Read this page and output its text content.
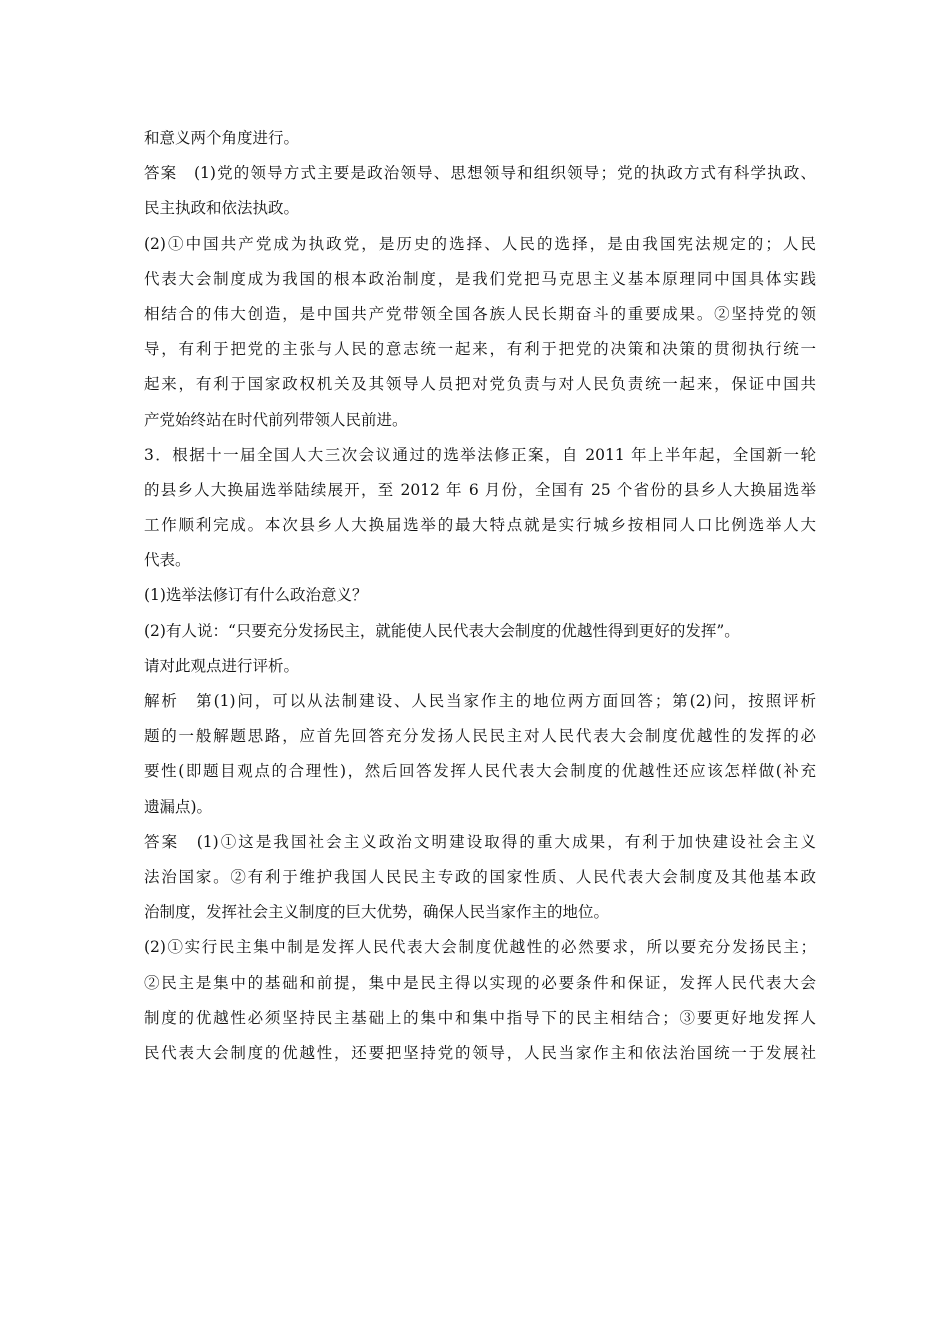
和意义两个角度进行。
答案　(1)党的领导方式主要是政治领导、思想领导和组织领导；党的执政方式有科学执政、
民主执政和依法执政。
(2)①中国共产党成为执政党，是历史的选择、人民的选择，是由我国宪法规定的；人民
代表大会制度成为我国的根本政治制度，是我们党把马克思主义基本原理同中国具体实践
相结合的伟大创造，是中国共产党带领全国各族人民长期奋斗的重要成果。②坚持党的领
导，有利于把党的主张与人民的意志统一起来，有利于把党的决策和决策的贯彻执行统一
起来，有利于国家政权机关及其领导人员把对党负责与对人民负责统一起来，保证中国共
产党始终站在时代前列带领人民前进。
3．根据十一届全国人大三次会议通过的选举法修正案，自 2011 年上半年起，全国新一轮
的县乡人大换届选举陆续展开，至 2012 年 6 月份，全国有 25 个省份的县乡人大换届选举
工作顺利完成。本次县乡人大换届选举的最大特点就是实行城乡按相同人口比例选举人大
代表。
(1)选举法修订有什么政治意义？
(2)有人说：“只要充分发扬民主，就能使人民代表大会制度的优越性得到更好的发挥”。
请对此观点进行评析。
解析　第(1)问，可以从法制建设、人民当家作主的地位两方面回答；第(2)问，按照评析
题的一般解题思路，应首先回答充分发扬人民民主对人民代表大会制度优越性的发挥的必
要性(即题目观点的合理性)，然后回答发挥人民代表大会制度的优越性还应该怎样做(补充
遗漏点)。
答案　(1)①这是我国社会主义政治文明建设取得的重大成果，有利于加快建设社会主义
法治国家。②有利于维护我国人民民主专政的国家性质、人民代表大会制度及其他基本政
治制度，发挥社会主义制度的巨大优势，确保人民当家作主的地位。
(2)①实行民主集中制是发挥人民代表大会制度优越性的必然要求，所以要充分发扬民主；
②民主是集中的基础和前提，集中是民主得以实现的必要条件和保证，发挥人民代表大会
制度的优越性必须坚持民主基础上的集中和集中指导下的民主相结合；③要更好地发挥人
民代表大会制度的优越性，还要把坚持党的领导，人民当家作主和依法治国统一于发展社
